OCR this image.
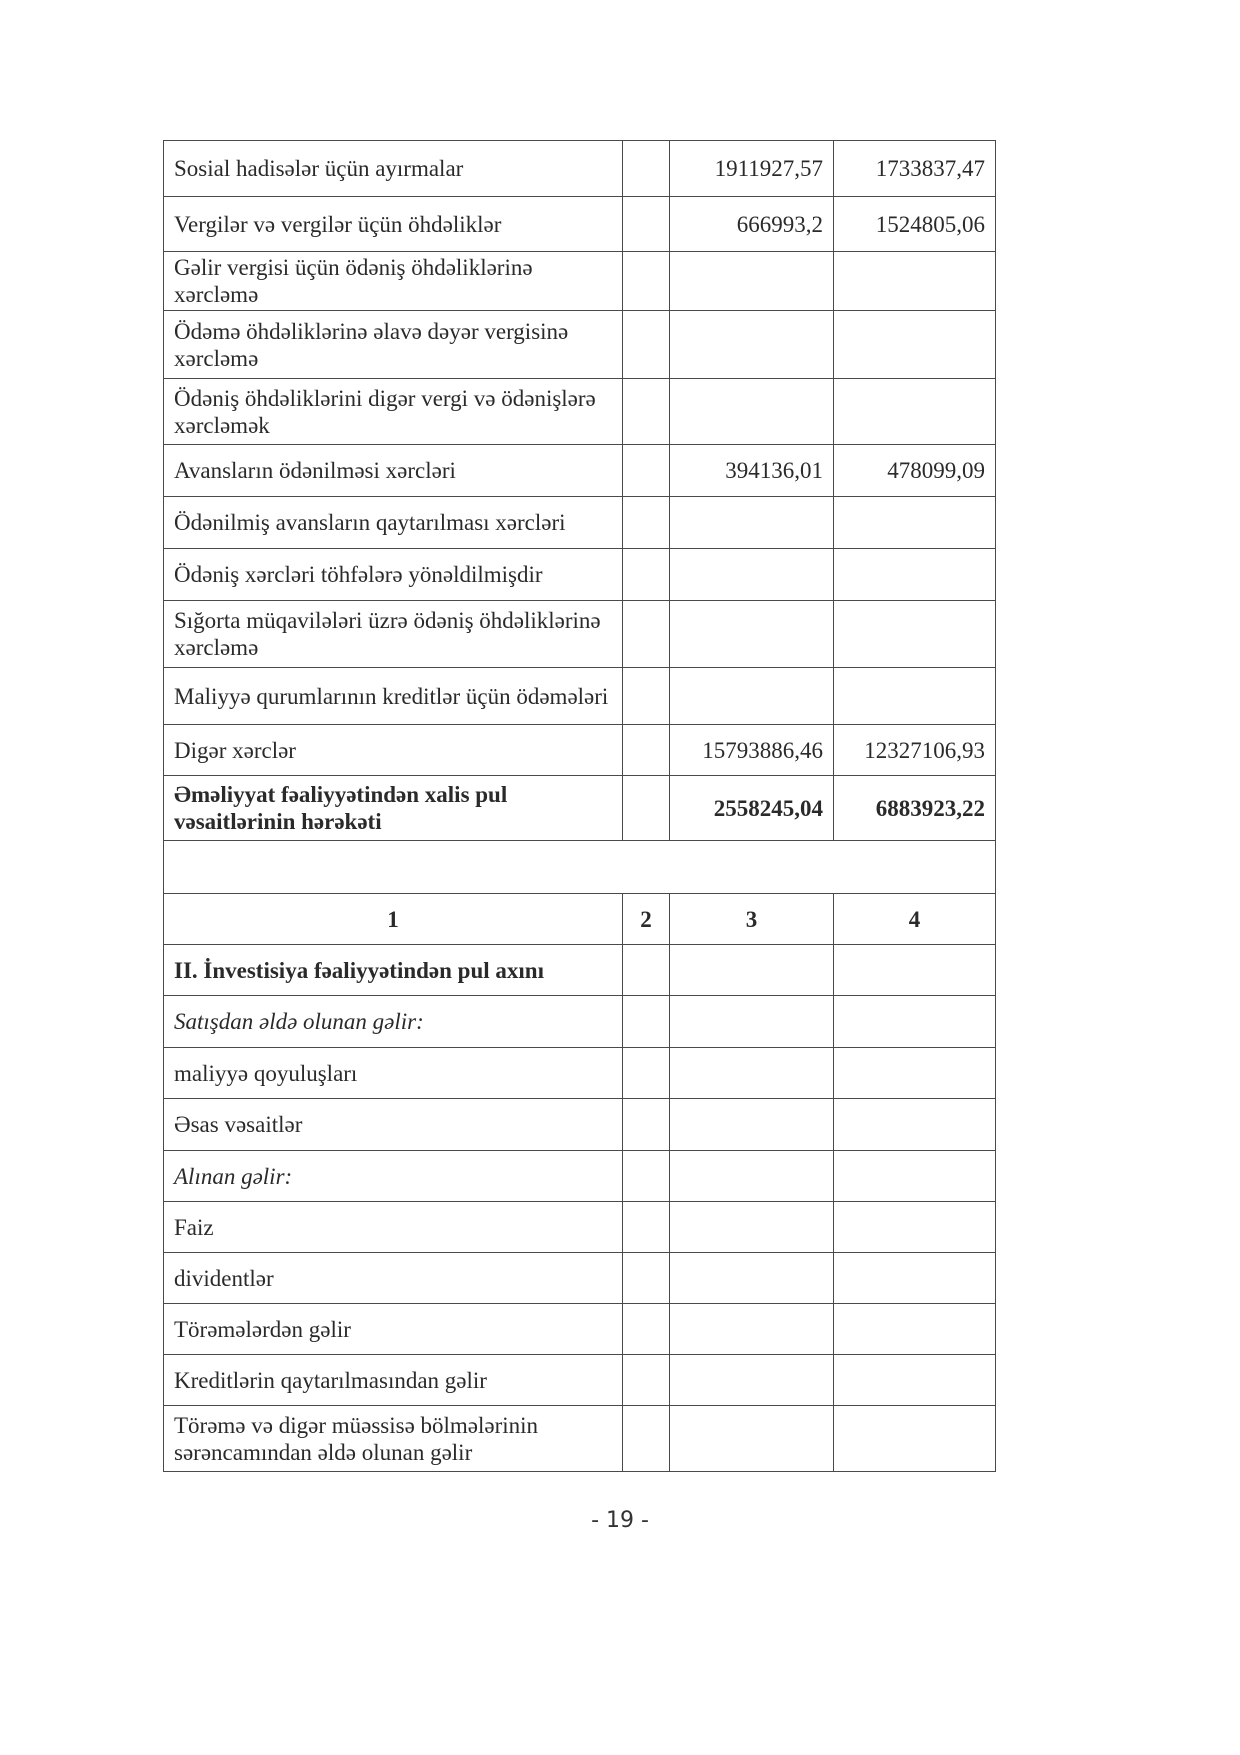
Sosial hadisələr üçün ayırmalar		1911927,57	1733837,47
Vergilər və vergilər üçün öhdəliklər		666993,2	1524805,06
Gəlir vergisi üçün ödəniş öhdəliklərinə xərcləmə			
Ödəmə öhdəliklərinə əlavə dəyər vergisinə xərcləmə			
Ödəniş öhdəliklərini digər vergi və ödənişlərə xərcləmək			
Avansların ödənilməsi xərcləri		394136,01	478099,09
Ödənilmiş avansların qaytarılması xərcləri			
Ödəniş xərcləri töhfələrə yönəldilmişdir			
Sığorta müqavilələri üzrə ödəniş öhdəliklərinə xərcləmə			
Maliyyə qurumlarının kreditlər üçün ödəmələri			
Digər xərclər		15793886,46	12327106,93
Əməliyyat fəaliyyətindən xalis pul vəsaitlərinin hərəkəti		2558245,04	6883923,22

1	2	3	4
II. İnvestisiya fəaliyyətindən pul axını			
Satışdan əldə olunan gəlir:			
maliyyə qoyuluşları			
Əsas vəsaitlər			
Alınan gəlir:			
Faiz			
dividentlər			
Törəmələrdən gəlir			
Kreditlərin qaytarılmasından gəlir			
Törəmə və digər müəssisə bölmələrinin sərəncamından əldə olunan gəlir			
- 19 -
